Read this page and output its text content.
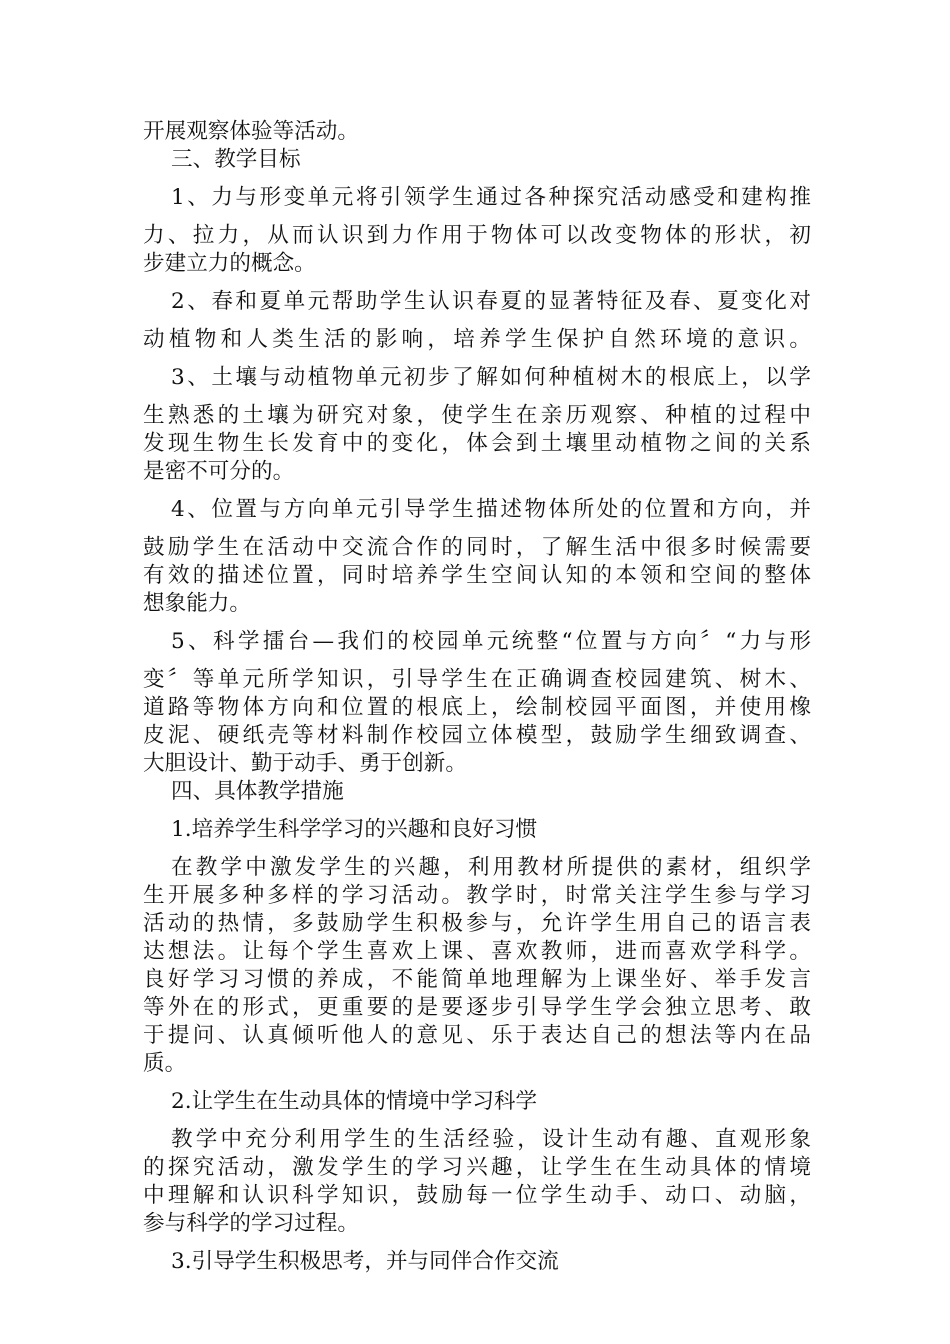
开展观察体验等活动。
三、教学目标
1、力与形变单元将引领学生通过各种探究活动感受和建构推
力、拉力，从而认识到力作用于物体可以改变物体的形状，初
步建立力的概念。
2、春和夏单元帮助学生认识春夏的显著特征及春、夏变化对
动植物和人类生活的影响，培养学生保护自然环境的意识。
3、土壤与动植物单元初步了解如何种植树木的根底上，以学
生熟悉的土壤为研究对象，使学生在亲历观察、种植的过程中
发现生物生长发育中的变化，体会到土壤里动植物之间的关系
是密不可分的。
4、位置与方向单元引导学生描述物体所处的位置和方向，并
鼓励学生在活动中交流合作的同时，了解生活中很多时候需要
有效的描述位置，同时培养学生空间认知的本领和空间的整体
想象能力。
5、科学擂台—我们的校园单元统整“位置与方向〞“力与形
变〞等单元所学知识，引导学生在正确调查校园建筑、树木、
道路等物体方向和位置的根底上，绘制校园平面图，并使用橡
皮泥、硬纸壳等材料制作校园立体模型，鼓励学生细致调查、
大胆设计、勤于动手、勇于创新。
四、具体教学措施
1.培养学生科学学习的兴趣和良好习惯
在教学中激发学生的兴趣，利用教材所提供的素材，组织学
生开展多种多样的学习活动。教学时，时常关注学生参与学习
活动的热情，多鼓励学生积极参与，允许学生用自己的语言表
达想法。让每个学生喜欢上课、喜欢教师，进而喜欢学科学。
良好学习习惯的养成，不能简单地理解为上课坐好、举手发言
等外在的形式，更重要的是要逐步引导学生学会独立思考、敢
于提问、认真倾听他人的意见、乐于表达自己的想法等内在品
质。
2.让学生在生动具体的情境中学习科学
教学中充分利用学生的生活经验，设计生动有趣、直观形象
的探究活动，激发学生的学习兴趣，让学生在生动具体的情境
中理解和认识科学知识，鼓励每一位学生动手、动口、动脑，
参与科学的学习过程。
3.引导学生积极思考，并与同伴合作交流
